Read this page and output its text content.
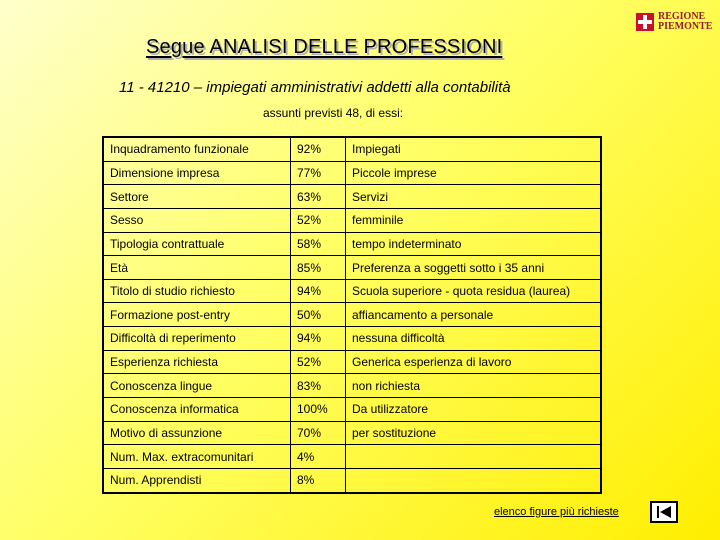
REGIONE
PIEMONTE
Segue ANALISI DELLE PROFESSIONI
11 - 41210 – impiegati amministrativi addetti alla contabilità
assunti previsti 48, di essi:
Inquadramento funzionale	92%	Impiegati
Dimensione impresa	77%	Piccole imprese
Settore	63%	Servizi
Sesso	52%	femminile
Tipologia contrattuale	58%	tempo indeterminato
Età	85%	Preferenza a soggetti sotto i 35 anni
Titolo di studio richiesto	94%	Scuola superiore - quota residua (laurea)
Formazione post-entry	50%	affiancamento a personale
Difficoltà di reperimento	94%	nessuna difficoltà
Esperienza richiesta	52%	Generica esperienza di lavoro
Conoscenza lingue	83%	non richiesta
Conoscenza informatica	100%	Da utilizzatore
Motivo di assunzione	70%	per sostituzione
Num. Max. extracomunitari	4%	
Num. Apprendisti	8%	
elenco figure più richieste
